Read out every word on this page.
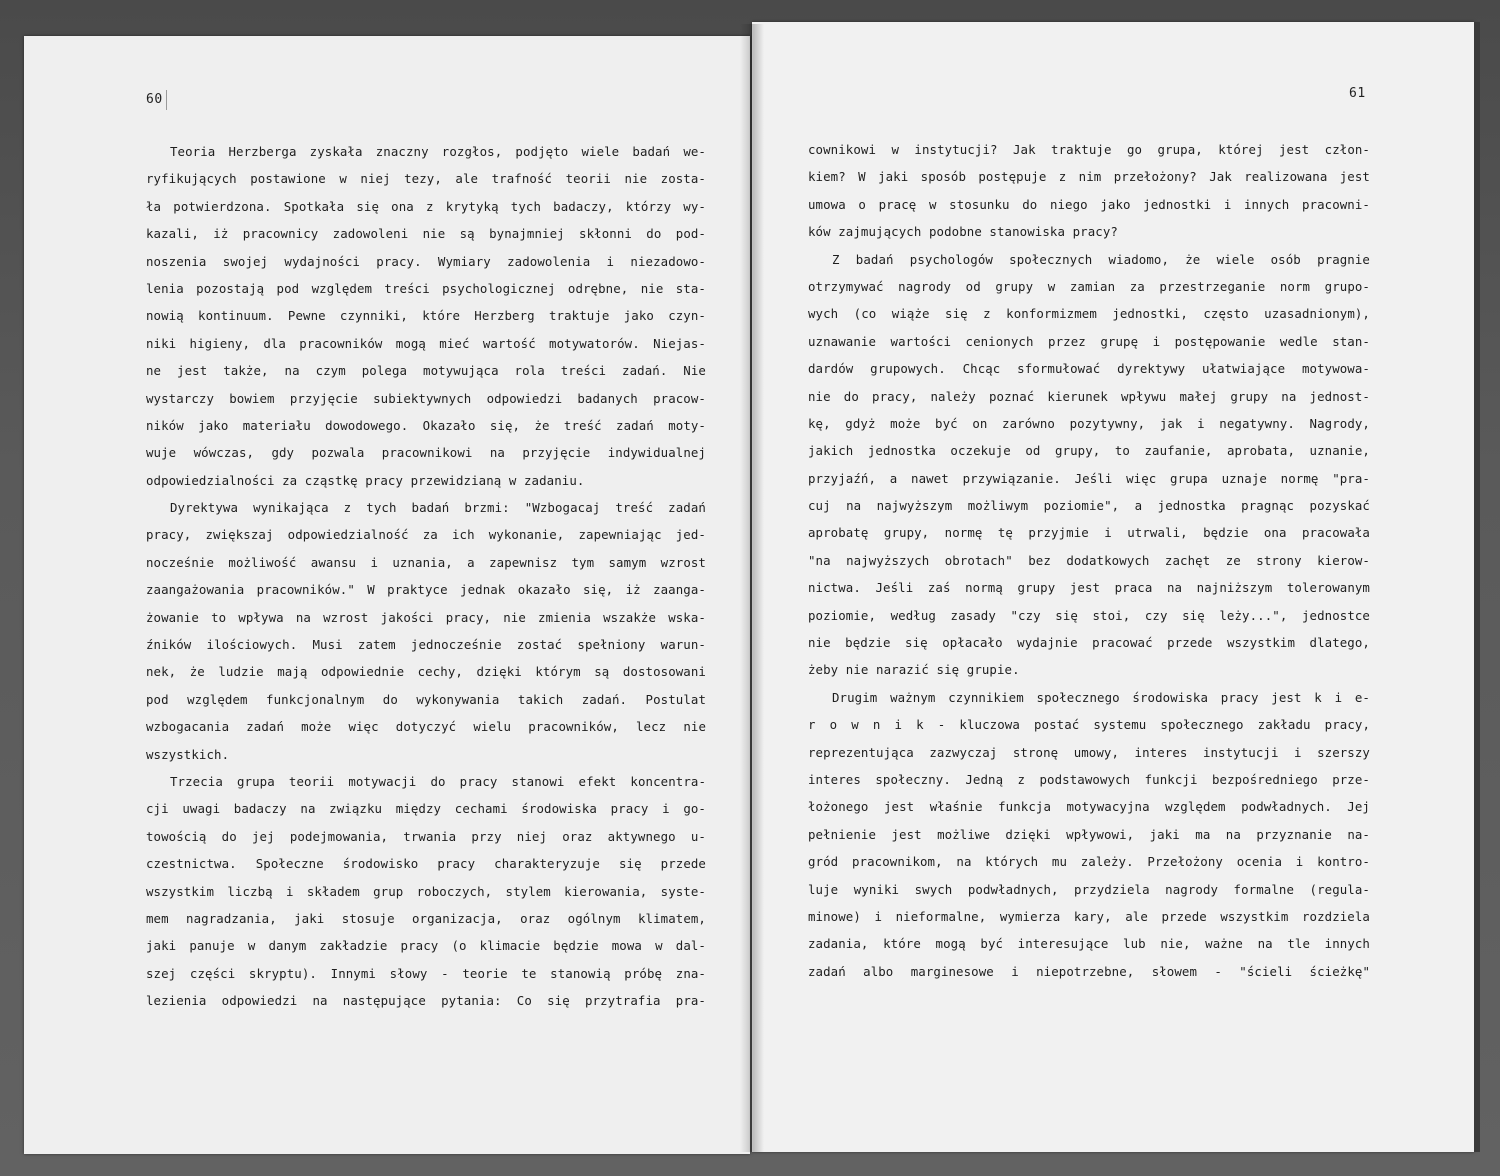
60	61
Teoria Herzberga zyskała znaczny rozgłos, podjęto wiele badań we-
ryfikujących postawione w niej tezy, ale trafność teorii nie zosta-
ła potwierdzona. Spotkała się ona z krytyką tych badaczy, którzy wy-
kazali, iż pracownicy zadowoleni nie są bynajmniej skłonni do pod-
noszenia swojej wydajności pracy. Wymiary zadowolenia i niezadowo-
lenia pozostają pod względem treści psychologicznej odrębne, nie sta-
nowią kontinuum. Pewne czynniki, które Herzberg traktuje jako czyn-
niki higieny, dla pracowników mogą mieć wartość motywatorów. Niejas-
ne jest także, na czym polega motywująca rola treści zadań. Nie
wystarczy bowiem przyjęcie subiektywnych odpowiedzi badanych pracow-
ników jako materiału dowodowego. Okazało się, że treść zadań moty-
wuje wówczas, gdy pozwala pracownikowi na przyjęcie indywidualnej
odpowiedzialności za cząstkę pracy przewidzianą w zadaniu.
Dyrektywa wynikająca z tych badań brzmi: "Wzbogacaj treść zadań
pracy, zwiększaj odpowiedzialność za ich wykonanie, zapewniając jed-
nocześnie możliwość awansu i uznania, a zapewnisz tym samym wzrost
zaangażowania pracowników." W praktyce jednak okazało się, iż zaanga-
żowanie to wpływa na wzrost jakości pracy, nie zmienia wszakże wska-
źników ilościowych. Musi zatem jednocześnie zostać spełniony warun-
nek, że ludzie mają odpowiednie cechy, dzięki którym są dostosowani
pod względem funkcjonalnym do wykonywania takich zadań. Postulat
wzbogacania zadań może więc dotyczyć wielu pracowników, lecz nie
wszystkich.
Trzecia grupa teorii motywacji do pracy stanowi efekt koncentra-
cji uwagi badaczy na związku między cechami środowiska pracy i go-
towością do jej podejmowania, trwania przy niej oraz aktywnego u-
czestnictwa. Społeczne środowisko pracy charakteryzuje się przede
wszystkim liczbą i składem grup roboczych, stylem kierowania, syste-
mem nagradzania, jaki stosuje organizacja, oraz ogólnym klimatem,
jaki panuje w danym zakładzie pracy (o klimacie będzie mowa w dal-
szej części skryptu). Innymi słowy - teorie te stanowią próbę zna-
lezienia odpowiedzi na następujące pytania: Co się przytrafia pra-
cownikowi w instytucji? Jak traktuje go grupa, której jest człon-
kiem? W jaki sposób postępuje z nim przełożony? Jak realizowana jest
umowa o pracę w stosunku do niego jako jednostki i innych pracowni-
ków zajmujących podobne stanowiska pracy?
Z badań psychologów społecznych wiadomo, że wiele osób pragnie
otrzymywać nagrody od grupy w zamian za przestrzeganie norm grupo-
wych (co wiąże się z konformizmem jednostki, często uzasadnionym),
uznawanie wartości cenionych przez grupę i postępowanie wedle stan-
dardów grupowych. Chcąc sformułować dyrektywy ułatwiające motywowa-
nie do pracy, należy poznać kierunek wpływu małej grupy na jednost-
kę, gdyż może być on zarówno pozytywny, jak i negatywny. Nagrody,
jakich jednostka oczekuje od grupy, to zaufanie, aprobata, uznanie,
przyjaźń, a nawet przywiązanie. Jeśli więc grupa uznaje normę "pra-
cuj na najwyższym możliwym poziomie", a jednostka pragnąc pozyskać
aprobatę grupy, normę tę przyjmie i utrwali, będzie ona pracowała
"na najwyższych obrotach" bez dodatkowych zachęt ze strony kierow-
nictwa. Jeśli zaś normą grupy jest praca na najniższym tolerowanym
poziomie, według zasady "czy się stoi, czy się leży...", jednostce
nie będzie się opłacało wydajnie pracować przede wszystkim dlatego,
żeby nie narazić się grupie.
Drugim ważnym czynnikiem społecznego środowiska pracy jest k i e-
r o w n i k - kluczowa postać systemu społecznego zakładu pracy,
reprezentująca zazwyczaj stronę umowy, interes instytucji i szerszy
interes społeczny. Jedną z podstawowych funkcji bezpośredniego prze-
łożonego jest właśnie funkcja motywacyjna względem podwładnych. Jej
pełnienie jest możliwe dzięki wpływowi, jaki ma na przyznanie na-
gród pracownikom, na których mu zależy. Przełożony ocenia i kontro-
luje wyniki swych podwładnych, przydziela nagrody formalne (regula-
minowe) i nieformalne, wymierza kary, ale przede wszystkim rozdziela
zadania, które mogą być interesujące lub nie, ważne na tle innych
zadań albo marginesowe i niepotrzebne, słowem - "ścieli ścieżkę"
